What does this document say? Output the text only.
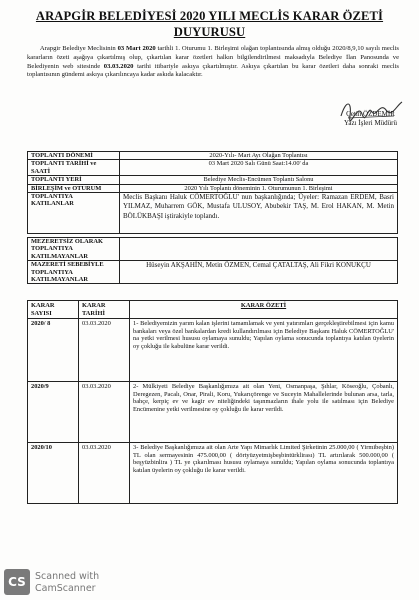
ARAPGİR BELEDİYESİ 2020 YILI MECLİS KARAR ÖZETİ
DUYURUSU
Arapgir Belediye Meclisinin 03 Mart 2020 tarihli 1. Oturumu 1. Birleşimi olağan toplantısında almış olduğu 2020/8,9,10 sayılı meclis kararların özeti aşağıya çıkartılmış olup, çıkartılan karar özetleri halkın bilgilendirilmesi maksadıyla Belediye İlan Panosunda ve Belediyenin web sitesinde 03.03.2020 tarihi itibariyle askıya çıkartılmıştır. Askıya çıkartılan bu karar özetleri daha sonraki meclis toplantısının gündemi askıya çıkarılıncaya kadar askıda kalacaktır.
Çetin ÖZDEMİR
Yazı İşleri Müdürü
TOPLANTI DÖNEMİ	2020-Yılı- Mart Ayı Olağan Toplantısı
TOPLANTI TARİHİ ve SAATİ	03 Mart 2020 Salı Günü Saat:14.00' da
TOPLANTI YERİ	Belediye Meclis-Encümen Toplantı Salonu
BİRLEŞİM ve OTURUM	2020 Yılı Toplantı döneminin 1. Oturumunun 1. Birleşimi
TOPLANTIYA KATILANLAR	Meclis Başkanı Haluk CÖMERTOĞLU' nun başkanlığında; Üyeler: Ramazan ERDEM, Basri YILMAZ, Muharrem GÖK, Mustafa ULUSOY, Abubekir TAŞ, M. Erol HAKAN, M. Metin BÖLÜKBAŞI iştirakiyle toplandı.

MEZERETSİZ OLARAK TOPLANTIYA KATILMAYANLAR	
MAZERETİ SEBEBİYLE TOPLANTIYA KATILMAYANLAR	Hüseyin AKŞAHİN, Metin ÖZMEN, Cemal ÇATALTAŞ, Ali Fikri KONUKÇU
KARAR SAYISI	KARAR TARİHİ	KARAR ÖZETİ
2020/ 8	03.03.2020	1- Belediyemizin yarım kalan işlerini tamamlamak ve yeni yatırımları gerçekleştirebilmesi için kamu bankaları veya özel bankalardan kredi kullandırılması için Belediye Başkanı Haluk CÖMERTOĞLU' na yetki verilmesi hususu oylamaya sunuldu; Yapılan oylama sonucunda toplantıya katılan üyelerin oy çokluğu ile kabulüne karar verildi.
2020/9	03.03.2020	2- Mülkiyeti Belediye Başkanlığımıza ait olan Yeni, Osmanpaşa, Şıhlar, Köseoğlu, Çobanlı, Deregezen, Pacalı, Onar, Pirali, Koru, Yukarıçörenge ve Suceyin Mahallelerinde bulunan arsa, tarla, bahçe, kerpiç ev ve kagir ev niteliğindeki taşınmazların ihale yolu ile satılması için Belediye Encümenine yetki verilmesine oy çokluğu ile karar verildi.
2020/10	03.03.2020	3- Belediye Başkanlığımıza ait olan Arte Yapı Mimarlık Limited Şirketinin 25.000,00 ( Yirmibeşbin) TL olan sermayesinin 475.000,00 ( dörtyüzyetmişbeşbintürklirası) TL artırılarak 500.000,00 ( beşyüzbinlira ) TL ye çıkarılması hususu oylamaya sunuldu; Yapılan oylama sonucunda toplantıya katılan üyelerin oy çokluğu ile karar verildi.
CS Scanned with
CamScanner
